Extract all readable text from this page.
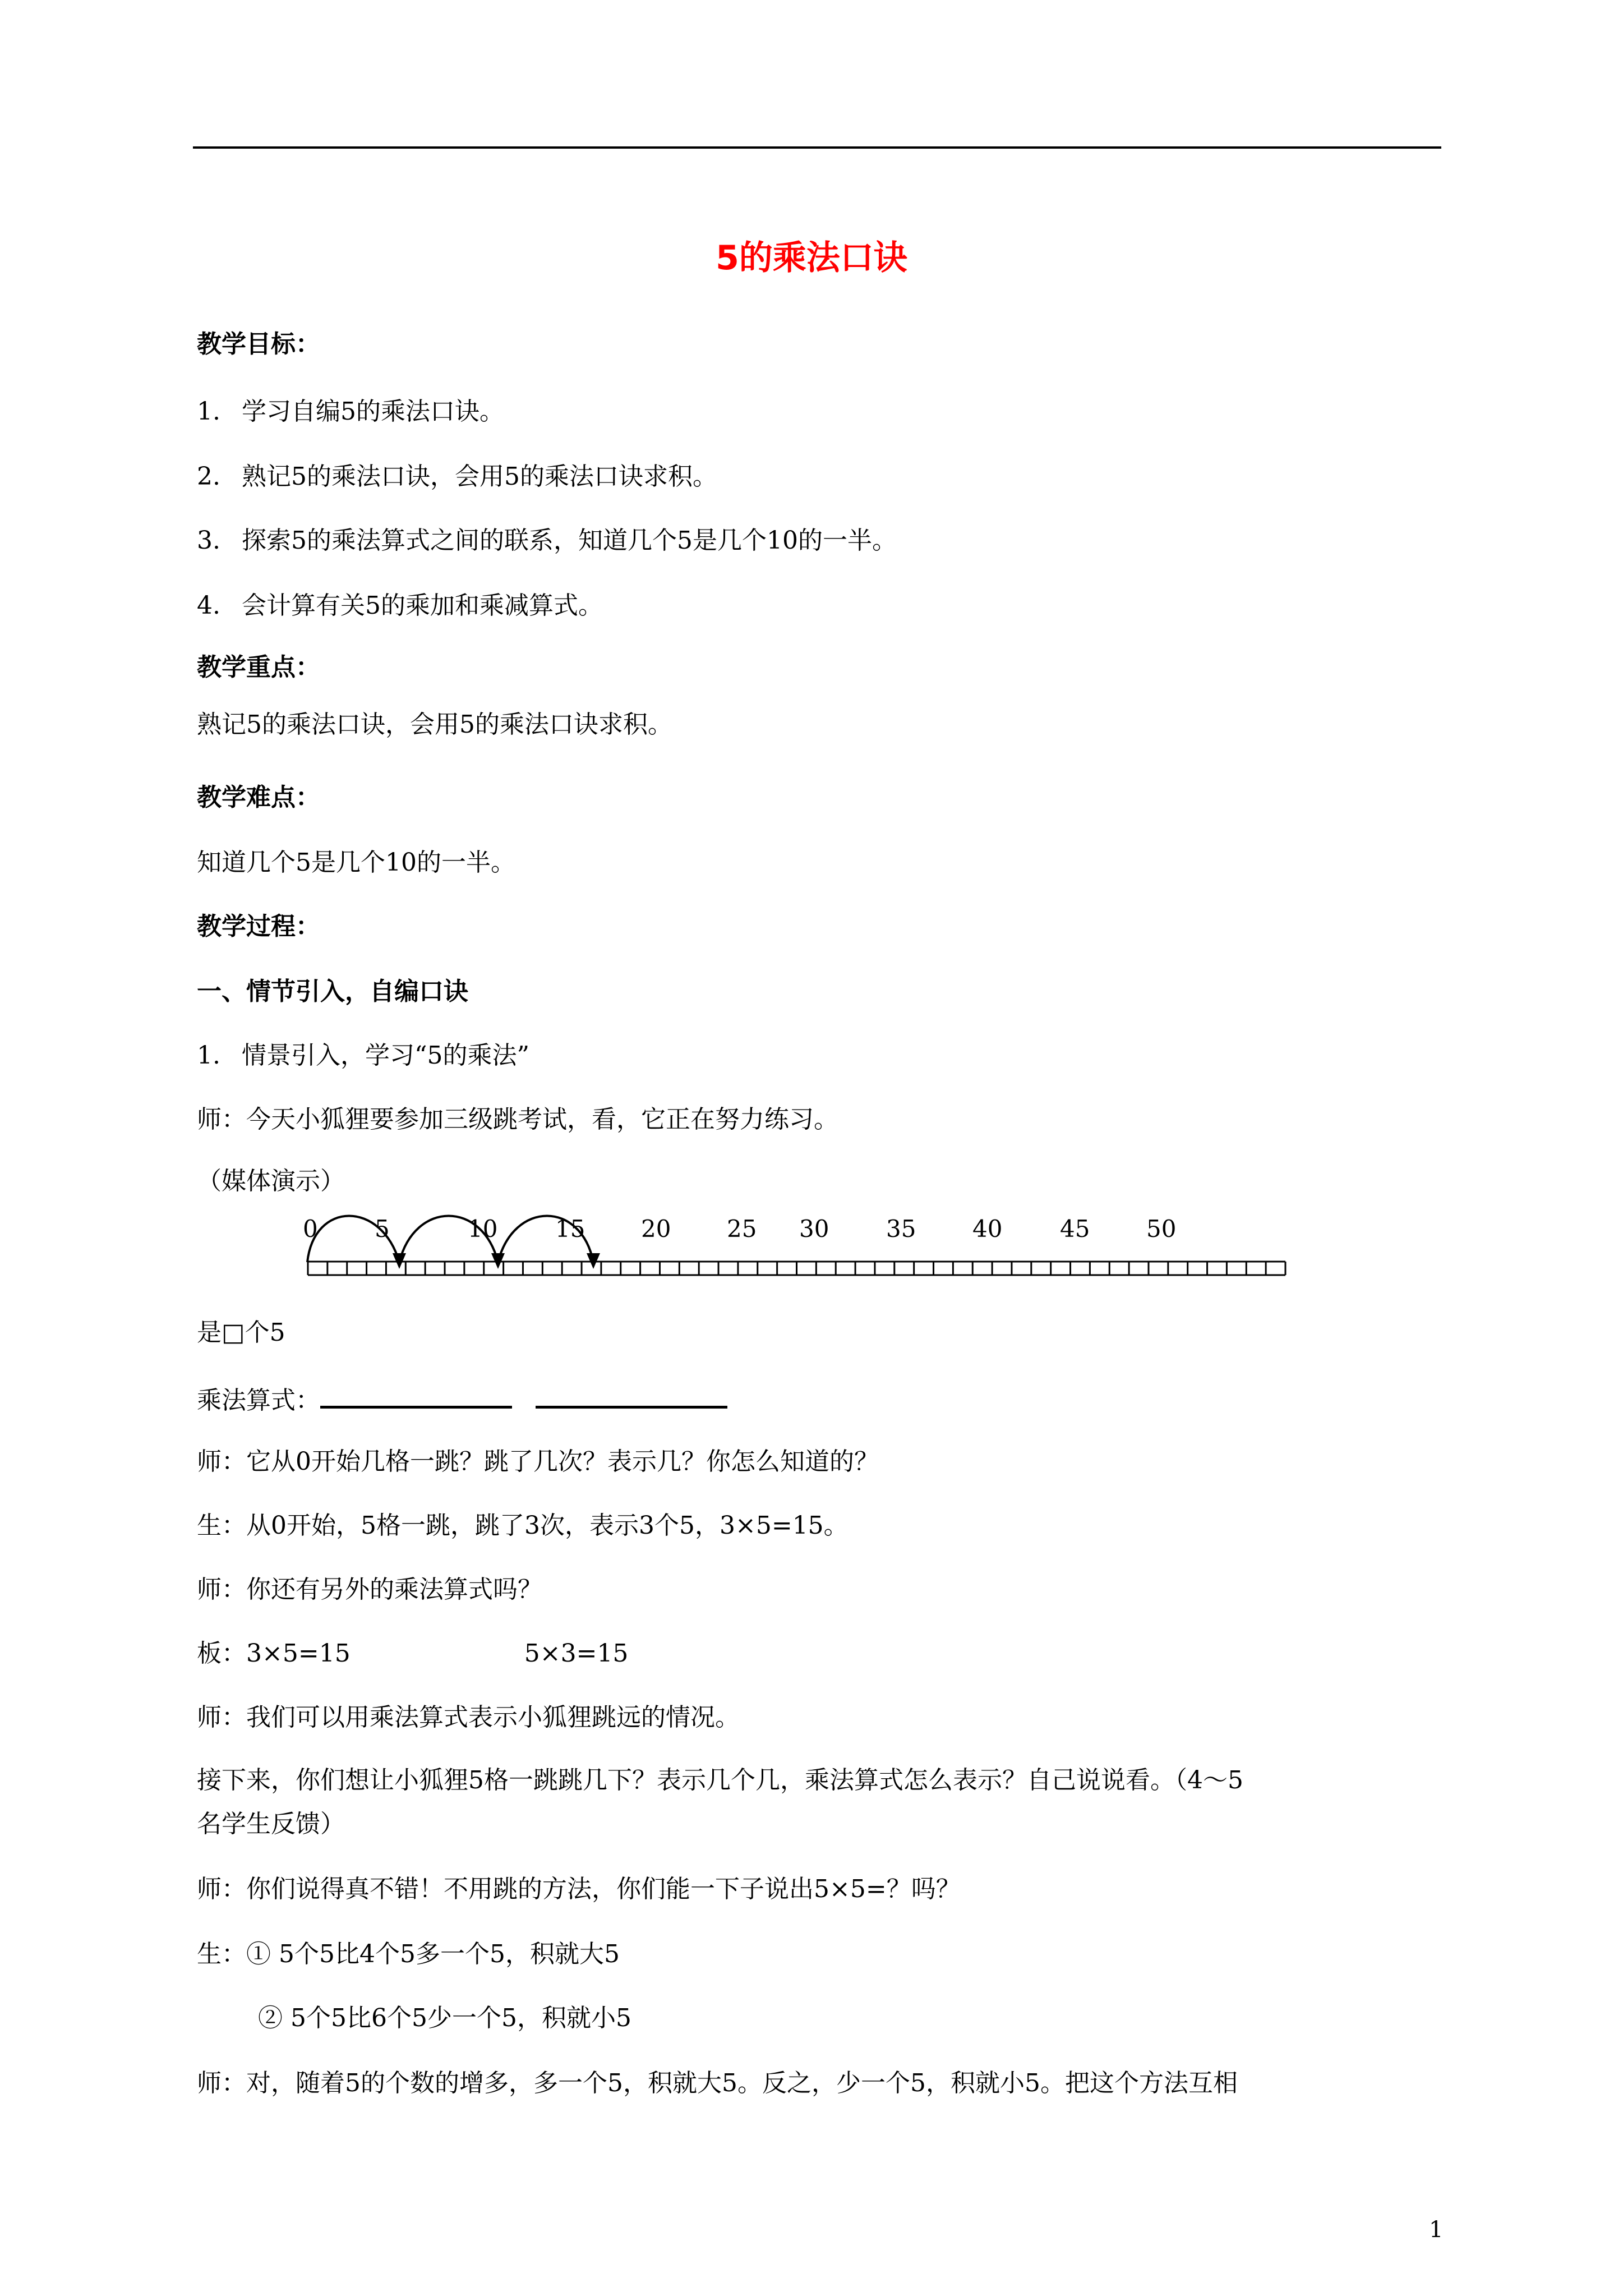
5的乘法口诀
教学目标：
1. 学习自编5的乘法口诀。
2. 熟记5的乘法口诀，会用5的乘法口诀求积。
3. 探索5的乘法算式之间的联系，知道几个5是几个10的一半。
4. 会计算有关5的乘加和乘减算式。
教学重点：
熟记5的乘法口诀，会用5的乘法口诀求积。
教学难点：
知道几个5是几个10的一半。
教学过程：
一、情节引入，自编口诀
1. 情景引入，学习“5的乘法”
师：今天小狐狸要参加三级跳考试，看，它正在努力练习。
（媒体演示）
0 5	10 15 20 25 30 35 40 45 50
是□个5
乘法算式：
师：它从0开始几格一跳？跳了几次？表示几？你怎么知道的？
生：从0开始，5格一跳，跳了3次，表示3个5，3×5=15。
师：你还有另外的乘法算式吗？
板：3×5=15	5×3=15
师：我们可以用乘法算式表示小狐狸跳远的情况。
接下来，你们想让小狐狸5格一跳跳几下？表示几个几，乘法算式怎么表示？自己说说看。（4～5
名学生反馈）
师：你们说得真不错！不用跳的方法，你们能一下子说出5×5=？吗？
生：① 5个5比4个5多一个5，积就大5
② 5个5比6个5少一个5，积就小5
师：对，随着5的个数的增多，多一个5，积就大5。反之，少一个5，积就小5。把这个方法互相
1
